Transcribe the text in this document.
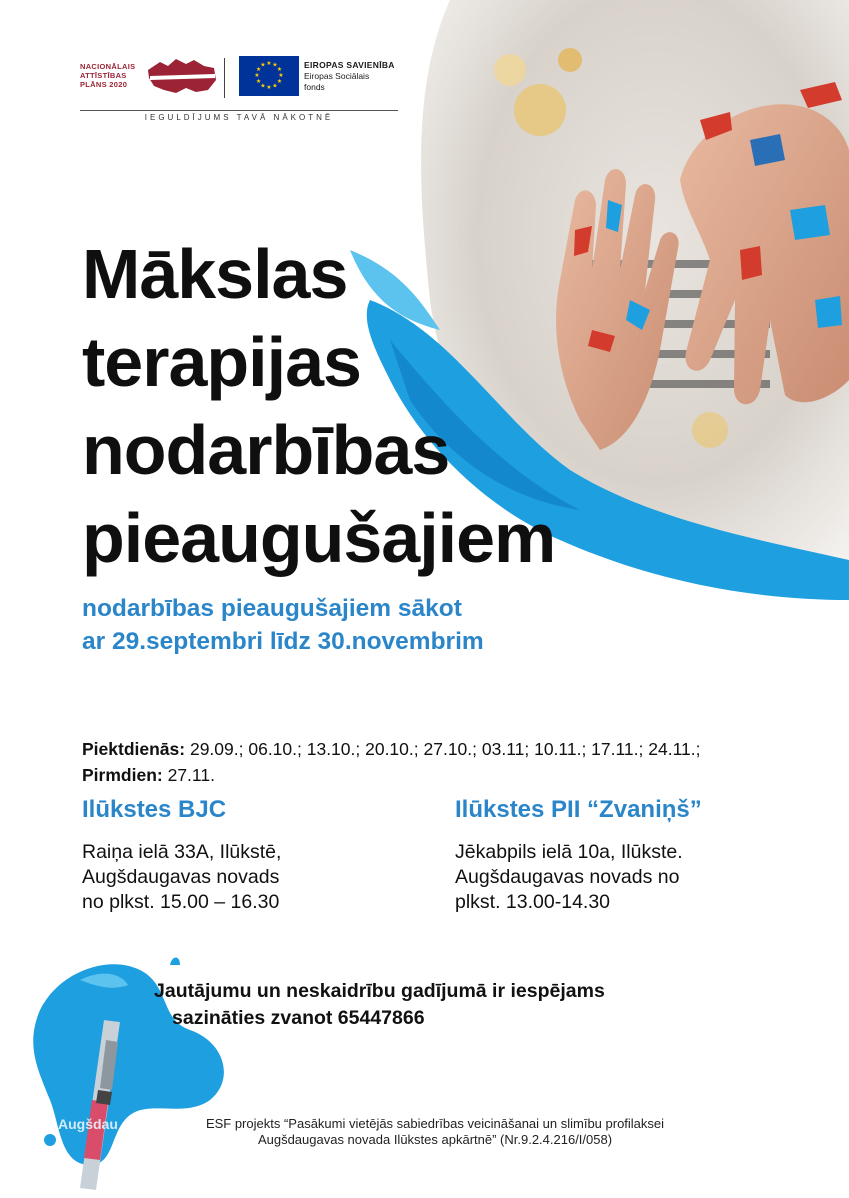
NACIONĀLAIS
ATTĪSTĪBAS
PLĀNS 2020
★ ★
★
★
★
★
★
★
★
★
★
★	EIROPAS SAVIENĪBA
Eiropas Sociālais
fonds
IEGULDĪJUMS TAVĀ NĀKOTNĒ
Mākslas
terapijas
nodarbības
pieaugušajiem
nodarbības pieaugušajiem sākot
ar 29.septembri līdz 30.novembrim
Piektdienās: 29.09.; 06.10.; 13.10.; 20.10.; 27.10.; 03.11; 10.11.; 17.11.; 24.11.;
Pirmdien: 27.11.
Ilūkstes BJC
Raiņa ielā 33A, Ilūkstē,
Augšdaugavas novads
no plkst. 15.00 – 16.30
Ilūkstes PII “Zvaniņš”
Jēkabpils ielā 10a, Ilūkste.
Augšdaugavas novads no
plkst. 13.00-14.30
Augšdau
Jautājumu un neskaidrību gadījumā ir iespējams
sazināties zvanot 65447866
ESF projekts “Pasākumi vietējās sabiedrības veicināšanai un slimību profilaksei
Augšdaugavas novada Ilūkstes apkārtnē” (Nr.9.2.4.216/I/058)
